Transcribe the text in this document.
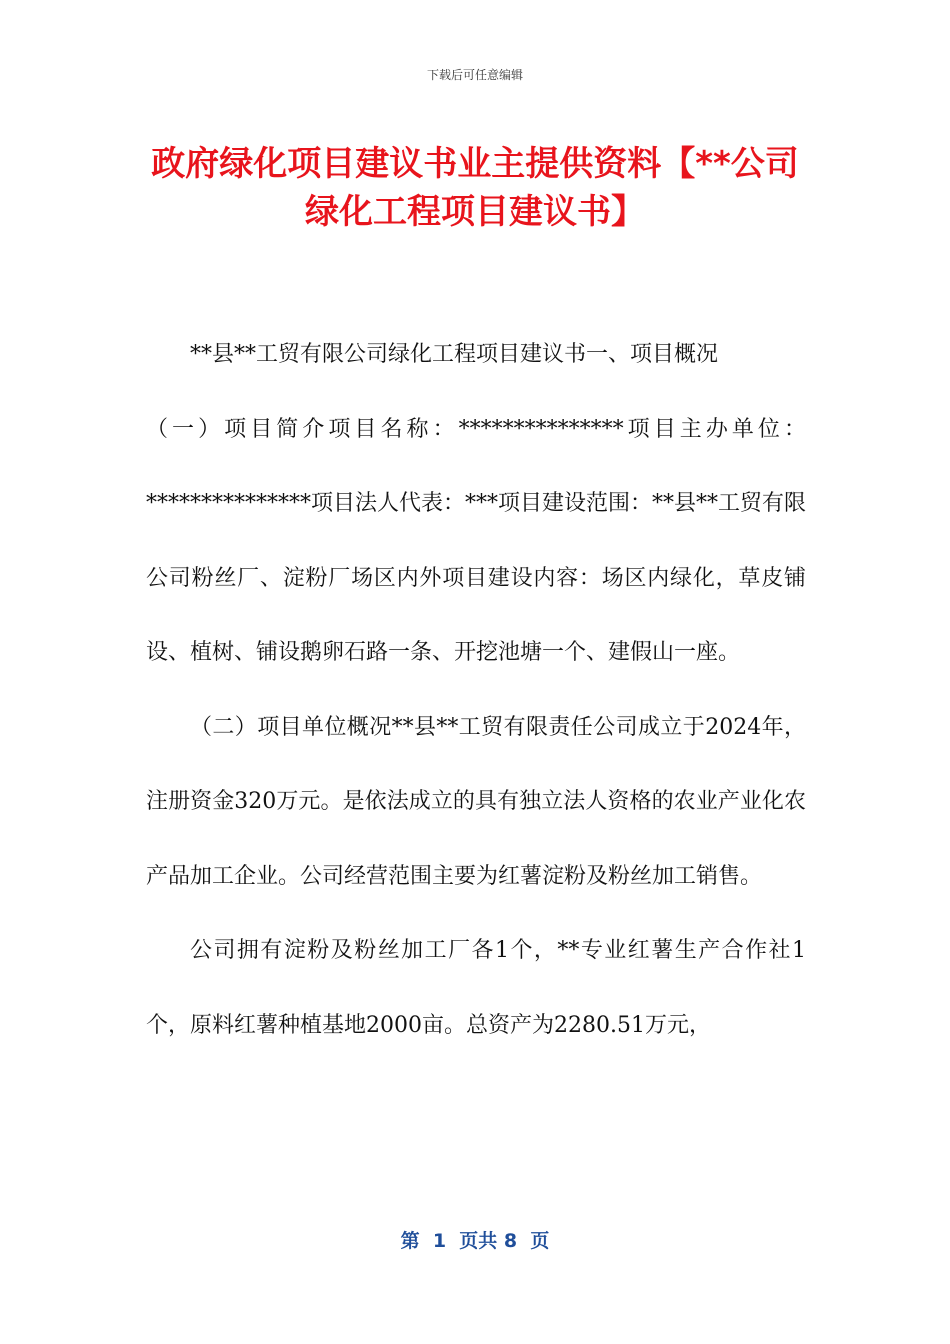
下载后可任意编辑
政府绿化项目建议书业主提供资料【**公司
绿化工程项目建议书】

**县**工贸有限公司绿化工程项目建议书一、项目概况

（一）项目简介项目名称：***************项目主办单位：***************项目法人代表：***项目建设范围：**县**工贸有限公司粉丝厂、淀粉厂场区内外项目建设内容：场区内绿化，草皮铺设、植树、铺设鹅卵石路一条、开挖池塘一个、建假山一座。

（二）项目单位概况**县**工贸有限责任公司成立于2024年，注册资金320万元。是依法成立的具有独立法人资格的农业产业化农产品加工企业。公司经营范围主要为红薯淀粉及粉丝加工销售。

公司拥有淀粉及粉丝加工厂各1个，**专业红薯生产合作社1个，原料红薯种植基地2000亩。总资产为2280.51万元，

第  1  页共 8  页
